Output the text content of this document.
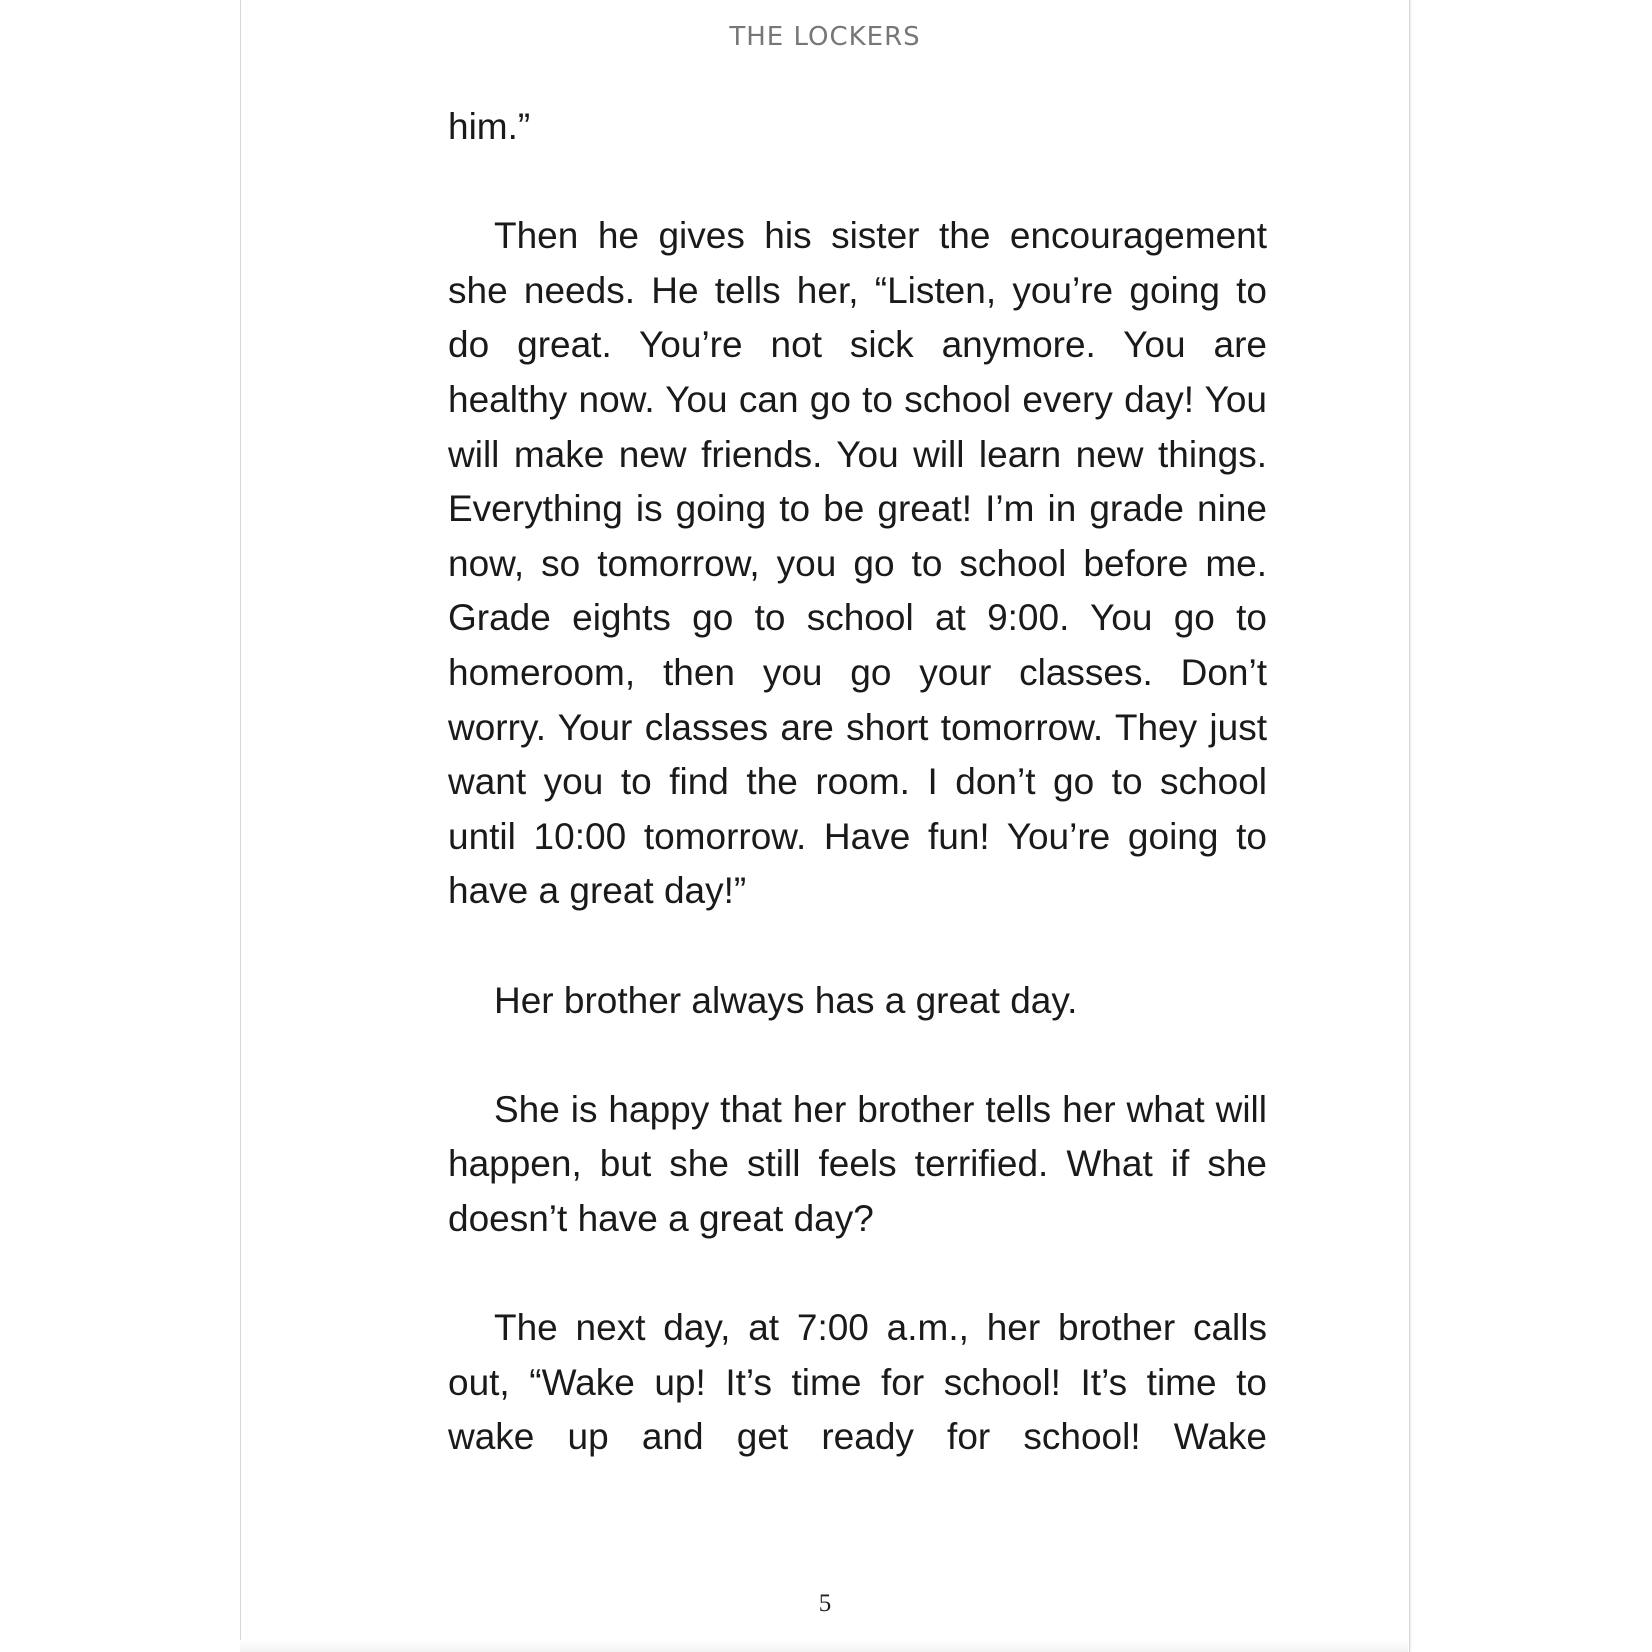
THE LOCKERS
5

him.”

Then he gives his sister the encouragement she needs. He tells her, “Listen, you’re going to do great. You’re not sick anymore. You are healthy now. You can go to school every day! You will make new friends. You will learn new things. Everything is going to be great! I’m in grade nine now, so tomorrow, you go to school before me. Grade eights go to school at 9:00. You go to homeroom, then you go your classes. Don’t worry. Your classes are short tomorrow. They just want you to find the room. I don’t go to school until 10:00 tomorrow. Have fun! You’re going to have a great day!”

Her brother always has a great day.

She is happy that her brother tells her what will happen, but she still feels terrified. What if she doesn’t have a great day?

The next day, at 7:00 a.m., her brother calls out, “Wake up! It’s time for school! It’s time to wake up and get ready for school! Wake
